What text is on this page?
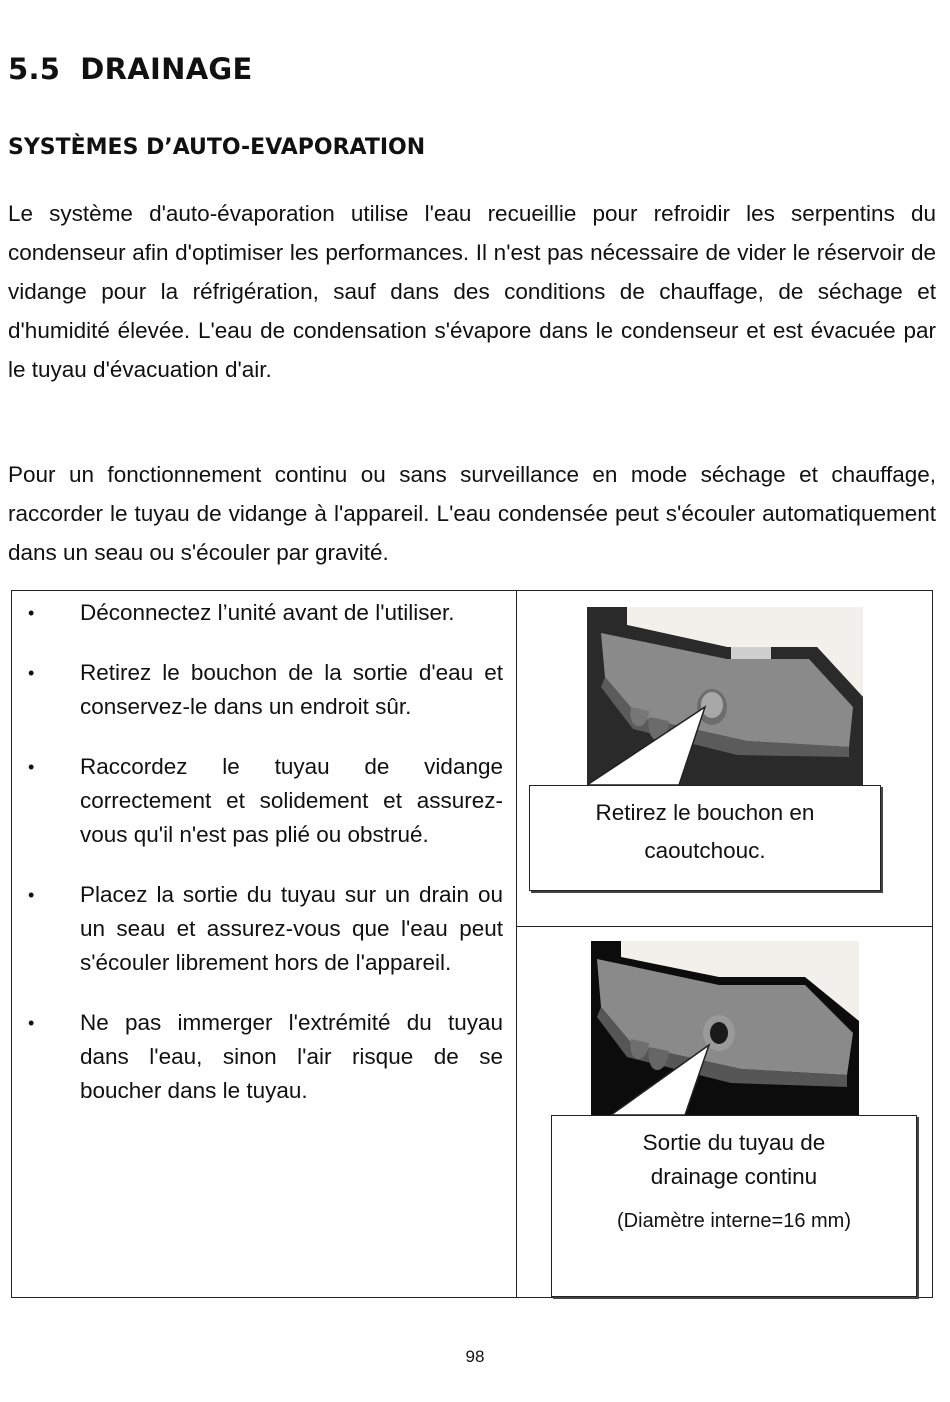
5.5 DRAINAGE
SYSTÈMES D’AUTO-EVAPORATION

Le système d'auto-évaporation utilise l'eau recueillie pour refroidir les serpentins du condenseur afin d'optimiser les performances. Il n'est pas nécessaire de vider le réservoir de vidange pour la réfrigération, sauf dans des conditions de chauffage, de séchage et d'humidité élevée. L'eau de condensation s'évapore dans le condenseur et est évacuée par le tuyau d'évacuation d'air.

Pour un fonctionnement continu ou sans surveillance en mode séchage et chauffage, raccorder le tuyau de vidange à l'appareil. L'eau condensée peut s'écouler automatiquement dans un seau ou s'écouler par gravité.

• Déconnectez l’unité avant de l'utiliser.
• Retirez le bouchon de la sortie d'eau et conservez-le dans un endroit sûr.
• Raccordez le tuyau de vidange correctement et solidement et assurez-vous qu'il n'est pas plié ou obstrué.
• Placez la sortie du tuyau sur un drain ou un seau et assurez-vous que l'eau peut s'écouler librement hors de l'appareil.
• Ne pas immerger l'extrémité du tuyau dans l'eau, sinon l'air risque de se boucher dans le tuyau.
Retirez le bouchon en
caoutchouc.
Sortie du tuyau de
drainage continu
(Diamètre interne=16 mm)
98
